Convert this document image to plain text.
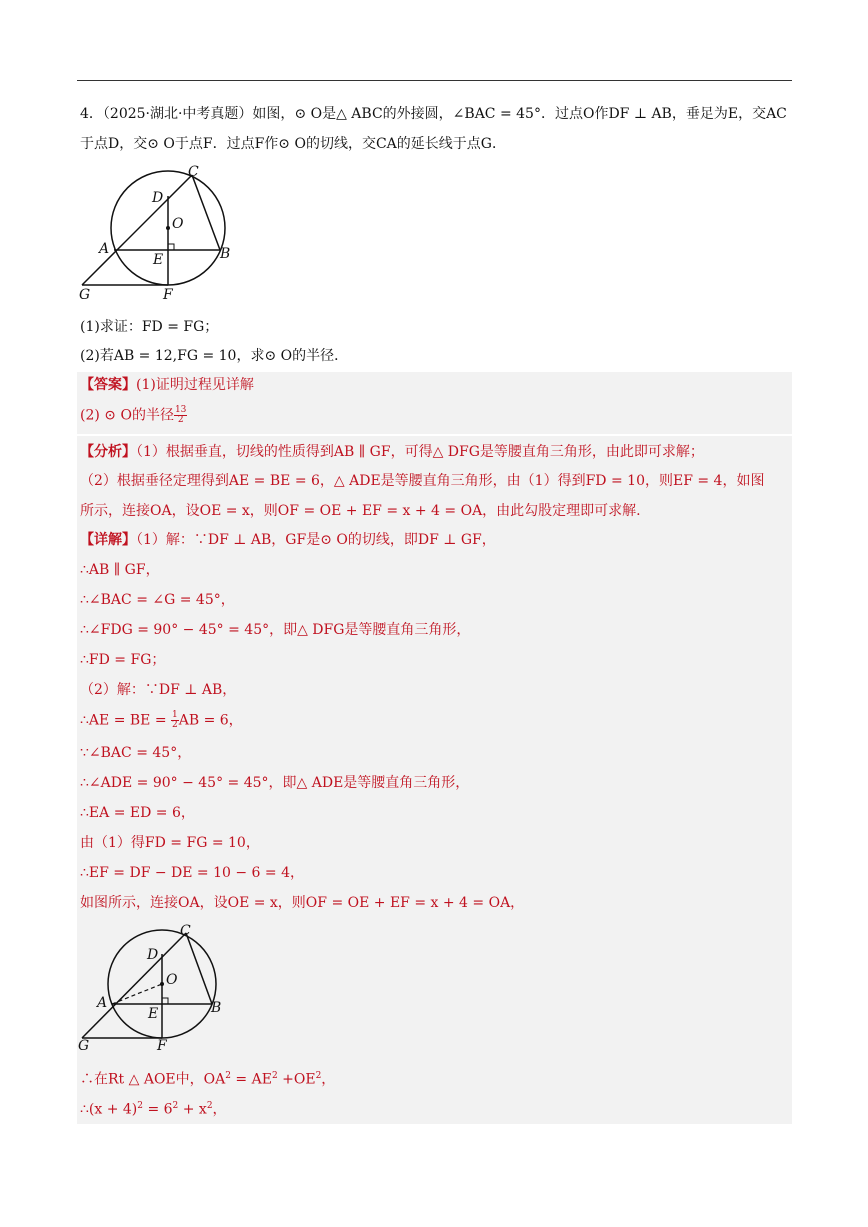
4．（2025·湖北·中考真题）如图，⊙ O是△ ABC的外接圆，∠BAC = 45°．过点O作DF ⊥ AB，垂足为E，交AC
于点D，交⊙ O于点F．过点F作⊙ O的切线，交CA的延长线于点G．
C
D
O
A	B
E
G	F
(1)求证：FD = FG；
(2)若AB = 12,FG = 10，求⊙ O的半径．
【答案】(1)证明过程见详解
(2) ⊙ O的半径 $\frac{13}{2}$
【分析】（1）根据垂直，切线的性质得到AB ∥ GF，可得△ DFG是等腰直角三角形，由此即可求解；
（2）根据垂径定理得到AE = BE = 6，△ ADE是等腰直角三角形，由（1）得到FD = 10，则EF = 4，如图
所示，连接OA，设OE = x，则OF = OE + EF = x + 4 = OA，由此勾股定理即可求解.
【详解】（1）解：∵DF ⊥ AB，GF是⊙ O的切线，即DF ⊥ GF，
∴AB ∥ GF，
∴∠BAC = ∠G = 45°，
∴∠FDG = 90° − 45° = 45°，即△ DFG是等腰直角三角形，
∴FD = FG；
（2）解：∵DF ⊥ AB，
∴AE = BE = $\frac{1}{2}$ AB = 6，
∵∠BAC = 45°，
∴∠ADE = 90° − 45° = 45°，即△ ADE是等腰直角三角形，
∴EA = ED = 6，
由（1）得FD = FG = 10，
∴EF = DF − DE = 10 − 6 = 4，
如图所示，连接OA，设OE = x，则OF = OE + EF = x + 4 = OA，
C
D
O
A	B
E
G	F
∴在Rt △ AOE中，$OA^2 = AE^2 +OE^2$，
∴(x + $4)^2 = 6^2 + x^2$，
